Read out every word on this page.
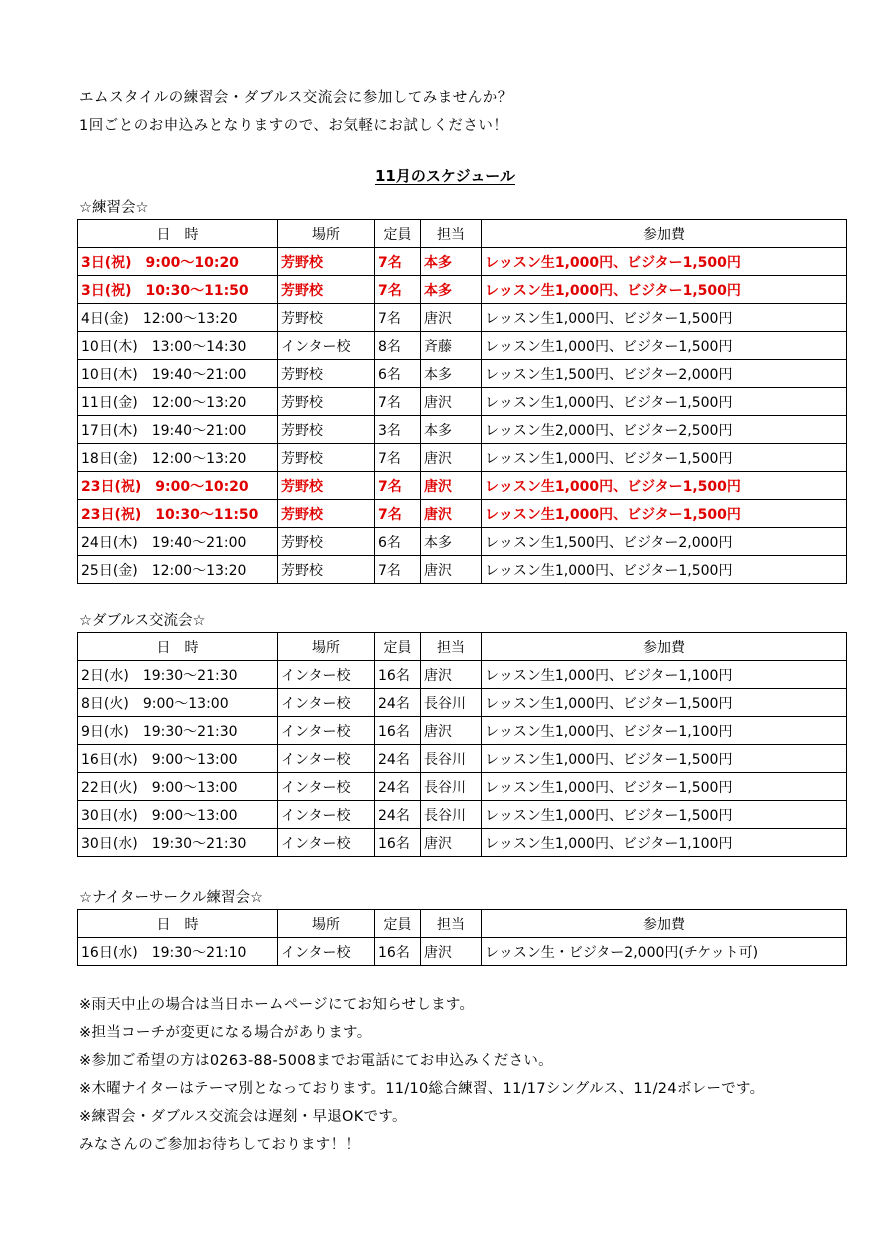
エムスタイルの練習会・ダブルス交流会に参加してみませんか？
1回ごとのお申込みとなりますので、お気軽にお試しください！
11月のスケジュール
☆練習会☆
日　時	場所	定員	担当	参加費
3日(祝)　9:00～10:20	芳野校	7名	本多	レッスン生1,000円、ビジター1,500円
3日(祝)　10:30～11:50	芳野校	7名	本多	レッスン生1,000円、ビジター1,500円
4日(金)　12:00～13:20	芳野校	7名	唐沢	レッスン生1,000円、ビジター1,500円
10日(木)　13:00～14:30	インター校	8名	斉藤	レッスン生1,000円、ビジター1,500円
10日(木)　19:40～21:00	芳野校	6名	本多	レッスン生1,500円、ビジター2,000円
11日(金)　12:00～13:20	芳野校	7名	唐沢	レッスン生1,000円、ビジター1,500円
17日(木)　19:40～21:00	芳野校	3名	本多	レッスン生2,000円、ビジター2,500円
18日(金)　12:00～13:20	芳野校	7名	唐沢	レッスン生1,000円、ビジター1,500円
23日(祝)　9:00～10:20	芳野校	7名	唐沢	レッスン生1,000円、ビジター1,500円
23日(祝)　10:30～11:50	芳野校	7名	唐沢	レッスン生1,000円、ビジター1,500円
24日(木)　19:40～21:00	芳野校	6名	本多	レッスン生1,500円、ビジター2,000円
25日(金)　12:00～13:20	芳野校	7名	唐沢	レッスン生1,000円、ビジター1,500円
☆ダブルス交流会☆
日　時	場所	定員	担当	参加費
2日(水)　19:30～21:30	インター校	16名	唐沢	レッスン生1,000円、ビジター1,100円
8日(火)　9:00～13:00	インター校	24名	長谷川	レッスン生1,000円、ビジター1,500円
9日(水)　19:30～21:30	インター校	16名	唐沢	レッスン生1,000円、ビジター1,100円
16日(水)　9:00～13:00	インター校	24名	長谷川	レッスン生1,000円、ビジター1,500円
22日(火)　9:00～13:00	インター校	24名	長谷川	レッスン生1,000円、ビジター1,500円
30日(水)　9:00～13:00	インター校	24名	長谷川	レッスン生1,000円、ビジター1,500円
30日(水)　19:30～21:30	インター校	16名	唐沢	レッスン生1,000円、ビジター1,100円
☆ナイターサークル練習会☆
日　時	場所	定員	担当	参加費
16日(水)　19:30～21:10	インター校	16名	唐沢	レッスン生・ビジター2,000円(チケット可)
※雨天中止の場合は当日ホームページにてお知らせします。
※担当コーチが変更になる場合があります。
※参加ご希望の方は0263-88-5008までお電話にてお申込みください。
※木曜ナイターはテーマ別となっております。11/10総合練習、11/17シングルス、11/24ボレーです。
※練習会・ダブルス交流会は遅刻・早退OKです。
みなさんのご参加お待ちしております！！
